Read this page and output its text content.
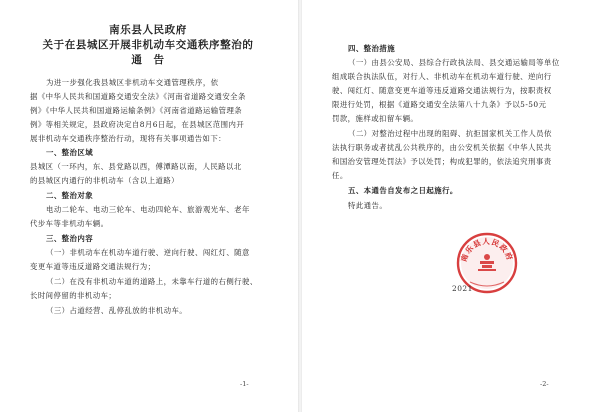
南乐县人民政府
关于在县城区开展非机动车交通秩序整治的
通　告
为进一步强化我县城区非机动车交通管理秩序，依
据《中华人民共和国道路交通安全法》《河南省道路交通安全条
例》《中华人民共和国道路运输条例》《河南省道路运输管理条
例》等相关规定，县政府决定自8月6日起，在县城区范围内开
展非机动车交通秩序整治行动，现将有关事项通告如下：
一、整治区域
县城区（一环内，东、县党路以西，傅潭路以南，人民路以北
的县城区内通行的非机动车（含以上道路）
二、整治对象
电动二轮车、电动三轮车、电动四轮车、旅游观光车、老年
代步车等非机动车辆。
三、整治内容
（一）非机动车在机动车道行驶、逆向行驶、闯红灯、随意
变更车道等违反道路交通法规行为；
（二）在没有非机动车道的道路上，未靠车行道的右侧行驶、
长时间停留的非机动车；
（三）占道经营、乱停乱放的非机动车。
-1-
四、整治措施
（一）由县公安局、县综合行政执法局、县交通运输局等单位
组成联合执法队伍，对行人、非机动车在机动车道行驶、逆向行
驶、闯红灯、随意变更车道等违反道路交通法规行为，按职责权
限进行处罚，根据《道路交通安全法第八十九条》予以5-50元
罚款，施样或扣留车辆。
（二）对整治过程中出现的阻碍、抗拒国家机关工作人员依
法执行职务或者扰乱公共秩序的，由公安机关依据《中华人民共
和国治安管理处罚法》予以处罚；构成犯罪的，依法追究刑事责
任。
五、本通告自发布之日起施行。
特此通告。
南乐县人民政府
2021
-2-
